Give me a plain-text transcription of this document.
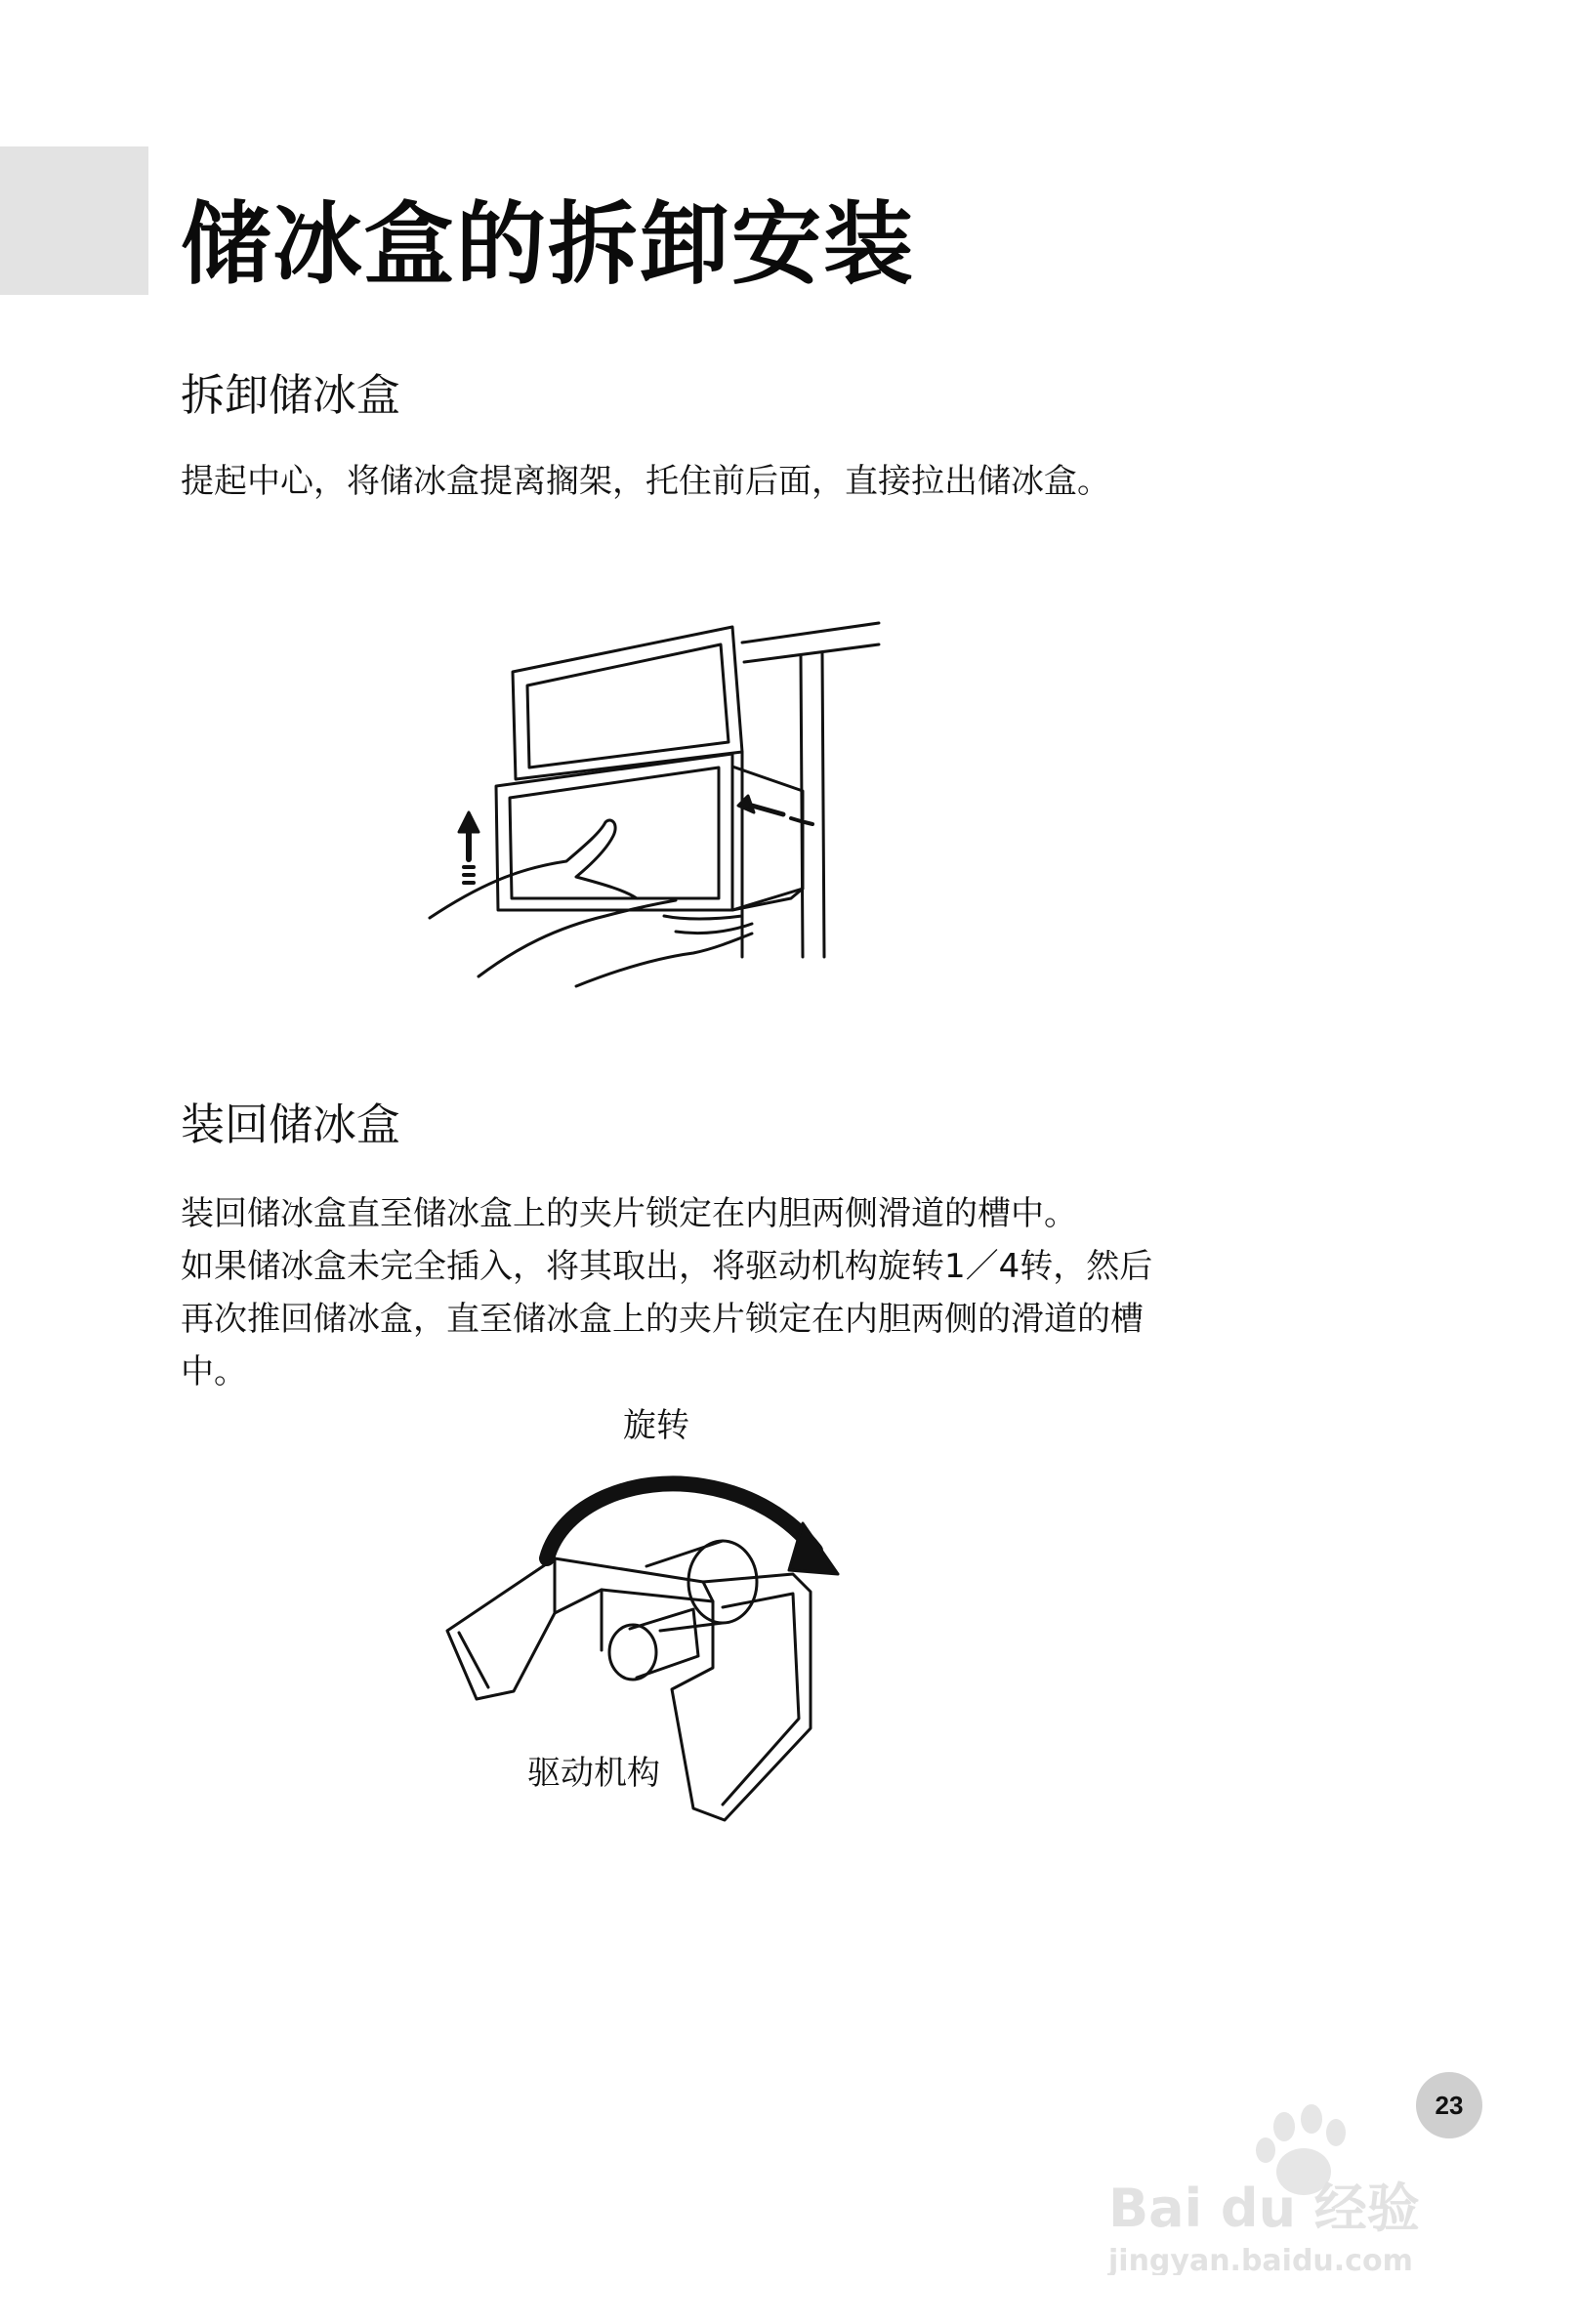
储冰盒的拆卸安装
拆卸储冰盒

提起中心，将储冰盒提离搁架，托住前后面，直接拉出储冰盒。

装回储冰盒

装回储冰盒直至储冰盒上的夹片锁定在内胆两侧滑道的槽中。

如果储冰盒未完全插入，将其取出，将驱动机构旋转1／4转，然后

再次推回储冰盒，直至储冰盒上的夹片锁定在内胆两侧的滑道的槽

中。

旋转
驱动机构
Bai du 经验
jingyan.baidu.com
23
